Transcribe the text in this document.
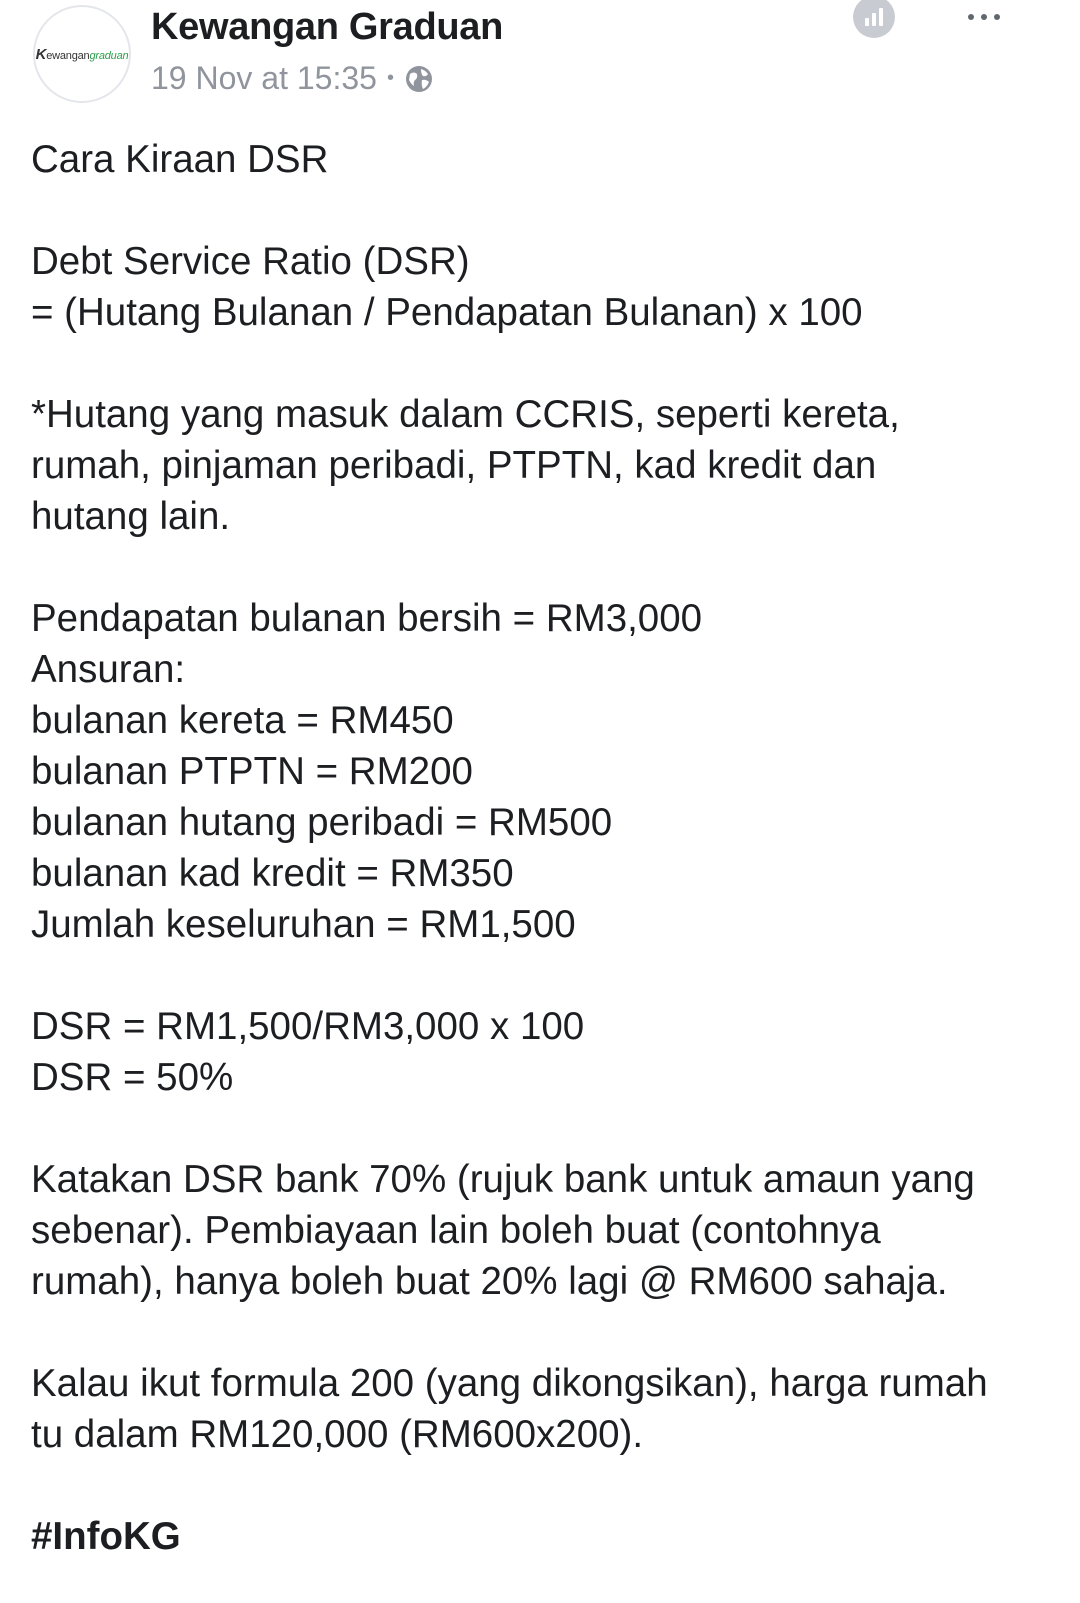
Kewangangraduan
Kewangan Graduan
19 Nov at 15:35 •

Cara Kiraan DSR

Debt Service Ratio (DSR)

= (Hutang Bulanan / Pendapatan Bulanan) x 100

*Hutang yang masuk dalam CCRIS, seperti kereta,

rumah, pinjaman peribadi, PTPTN, kad kredit dan

hutang lain.

Pendapatan bulanan bersih = RM3,000

Ansuran:

bulanan kereta = RM450

bulanan PTPTN = RM200

bulanan hutang peribadi = RM500

bulanan kad kredit = RM350

Jumlah keseluruhan = RM1,500

DSR = RM1,500/RM3,000 x 100

DSR = 50%

Katakan DSR bank 70% (rujuk bank untuk amaun yang

sebenar). Pembiayaan lain boleh buat (contohnya

rumah), hanya boleh buat 20% lagi @ RM600 sahaja.

Kalau ikut formula 200 (yang dikongsikan), harga rumah

tu dalam RM120,000 (RM600x200).

#InfoKG
